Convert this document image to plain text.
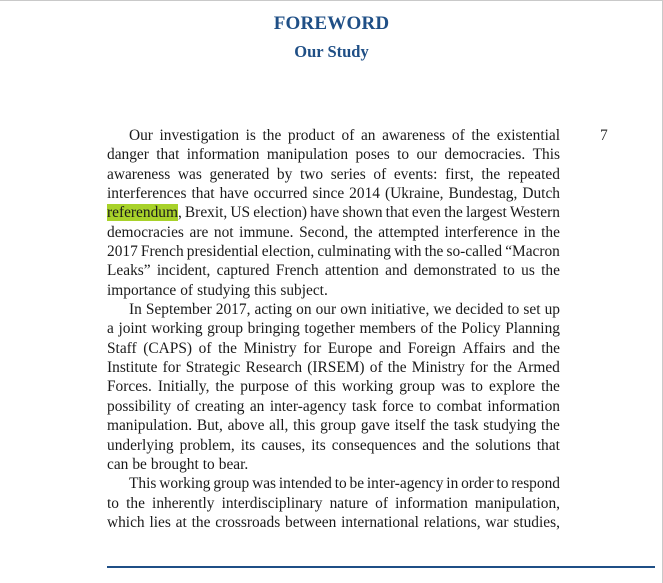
FOREWORD
Our Study
7
Our investigation is the product of an awareness of the existential
danger that information manipulation poses to our democracies. This
awareness was generated by two series of events: first, the repeated
interferences that have occurred since 2014 (Ukraine, Bundestag, Dutch
referendum, Brexit, US election) have shown that even the largest Western
democracies are not immune. Second, the attempted interference in the
2017 French presidential election, culminating with the so-called “Macron
Leaks” incident, captured French attention and demonstrated to us the
importance of studying this subject.
In September 2017, acting on our own initiative, we decided to set up
a joint working group bringing together members of the Policy Planning
Staff (CAPS) of the Ministry for Europe and Foreign Affairs and the
Institute for Strategic Research (IRSEM) of the Ministry for the Armed
Forces. Initially, the purpose of this working group was to explore the
possibility of creating an inter-agency task force to combat information
manipulation. But, above all, this group gave itself the task studying the
underlying problem, its causes, its consequences and the solutions that
can be brought to bear.
This working group was intended to be inter-agency in order to respond
to the inherently interdisciplinary nature of information manipulation,
which lies at the crossroads between international relations, war studies,
